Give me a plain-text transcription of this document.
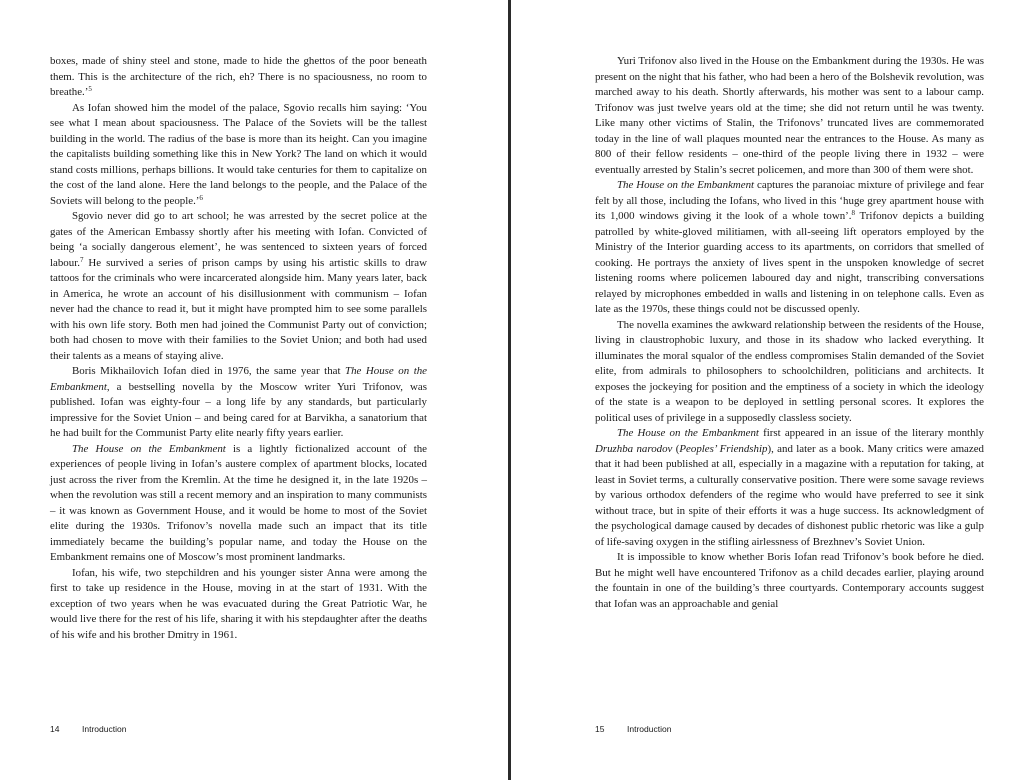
boxes, made of shiny steel and stone, made to hide the ghettos of the poor beneath them. This is the architecture of the rich, eh? There is no spaciousness, no room to breathe.’$^5$

As Iofan showed him the model of the palace, Sgovio recalls him saying: ‘You see what I mean about spaciousness. The Palace of the Soviets will be the tallest building in the world. The radius of the base is more than its height. Can you imagine the capitalists building something like this in New York? The land on which it would stand costs millions, perhaps billions. It would take centuries for them to capitalize on the cost of the land alone. Here the land belongs to the people, and the Palace of the Soviets will belong to the people.’$^6$

Sgovio never did go to art school; he was arrested by the secret police at the gates of the American Embassy shortly after his meeting with Iofan. Convicted of being ‘a socially dangerous element’, he was sentenced to sixteen years of forced labour.$^7$ He survived a series of prison camps by using his artistic skills to draw tattoos for the criminals who were incarcerated alongside him. Many years later, back in America, he wrote an account of his disillusionment with communism – Iofan never had the chance to read it, but it might have prompted him to see some parallels with his own life story. Both men had joined the Communist Party out of conviction; both had chosen to move with their families to the Soviet Union; and both had used their talents as a means of staying alive.

Boris Mikhailovich Iofan died in 1976, the same year that The House on the Embankment, a bestselling novella by the Moscow writer Yuri Trifonov, was published. Iofan was eighty-four – a long life by any standards, but particularly impressive for the Soviet Union – and being cared for at Barvikha, a sanatorium that he had built for the Communist Party elite nearly fifty years earlier.

The House on the Embankment is a lightly fictionalized account of the experiences of people living in Iofan’s austere complex of apartment blocks, located just across the river from the Kremlin. At the time he designed it, in the late 1920s – when the revolution was still a recent memory and an inspiration to many communists – it was known as Government House, and it would be home to most of the Soviet elite during the 1930s. Trifonov’s novella made such an impact that its title immediately became the building’s popular name, and today the House on the Embankment remains one of Moscow’s most prominent landmarks.

Iofan, his wife, two stepchildren and his younger sister Anna were among the first to take up residence in the House, moving in at the start of 1931. With the exception of two years when he was evacuated during the Great Patriotic War, he would live there for the rest of his life, sharing it with his stepdaughter after the deaths of his wife and his brother Dmitry in 1961.

14	Introduction

Yuri Trifonov also lived in the House on the Embankment during the 1930s. He was present on the night that his father, who had been a hero of the Bolshevik revolution, was marched away to his death. Shortly afterwards, his mother was sent to a labour camp. Trifonov was just twelve years old at the time; she did not return until he was twenty. Like many other victims of Stalin, the Trifonovs’ truncated lives are commemorated today in the line of wall plaques mounted near the entrances to the House. As many as 800 of their fellow residents – one-third of the people living there in 1932 – were eventually arrested by Stalin’s secret policemen, and more than 300 of them were shot.

The House on the Embankment captures the paranoiac mixture of privilege and fear felt by all those, including the Iofans, who lived in this ‘huge grey apartment house with its 1,000 windows giving it the look of a whole town’.$^8$ Trifonov depicts a building patrolled by white-gloved militiamen, with all-seeing lift operators employed by the Ministry of the Interior guarding access to its apartments, on corridors that smelled of cooking. He portrays the anxiety of lives spent in the unspoken knowledge of secret listening rooms where policemen laboured day and night, transcribing conversations relayed by microphones embedded in walls and listening in on telephone calls. Even as late as the 1970s, these things could not be discussed openly.

The novella examines the awkward relationship between the residents of the House, living in claustrophobic luxury, and those in its shadow who lacked everything. It illuminates the moral squalor of the endless compromises Stalin demanded of the Soviet elite, from admirals to philosophers to schoolchildren, politicians and architects. It exposes the jockeying for position and the emptiness of a society in which the ideology of the state is a weapon to be deployed in settling personal scores. It explores the political uses of privilege in a supposedly classless society.

The House on the Embankment first appeared in an issue of the literary monthly Druzhba narodov (Peoples’ Friendship), and later as a book. Many critics were amazed that it had been published at all, especially in a magazine with a reputation for taking, at least in Soviet terms, a culturally conservative position. There were some savage reviews by various orthodox defenders of the regime who would have preferred to see it sink without trace, but in spite of their efforts it was a huge success. Its acknowledgment of the psychological damage caused by decades of dishonest public rhetoric was like a gulp of life-saving oxygen in the stifling airlessness of Brezhnev’s Soviet Union.

It is impossible to know whether Boris Iofan read Trifonov’s book before he died. But he might well have encountered Trifonov as a child decades earlier, playing around the fountain in one of the building’s three courtyards. Contemporary accounts suggest that Iofan was an approachable and genial

15	Introduction
